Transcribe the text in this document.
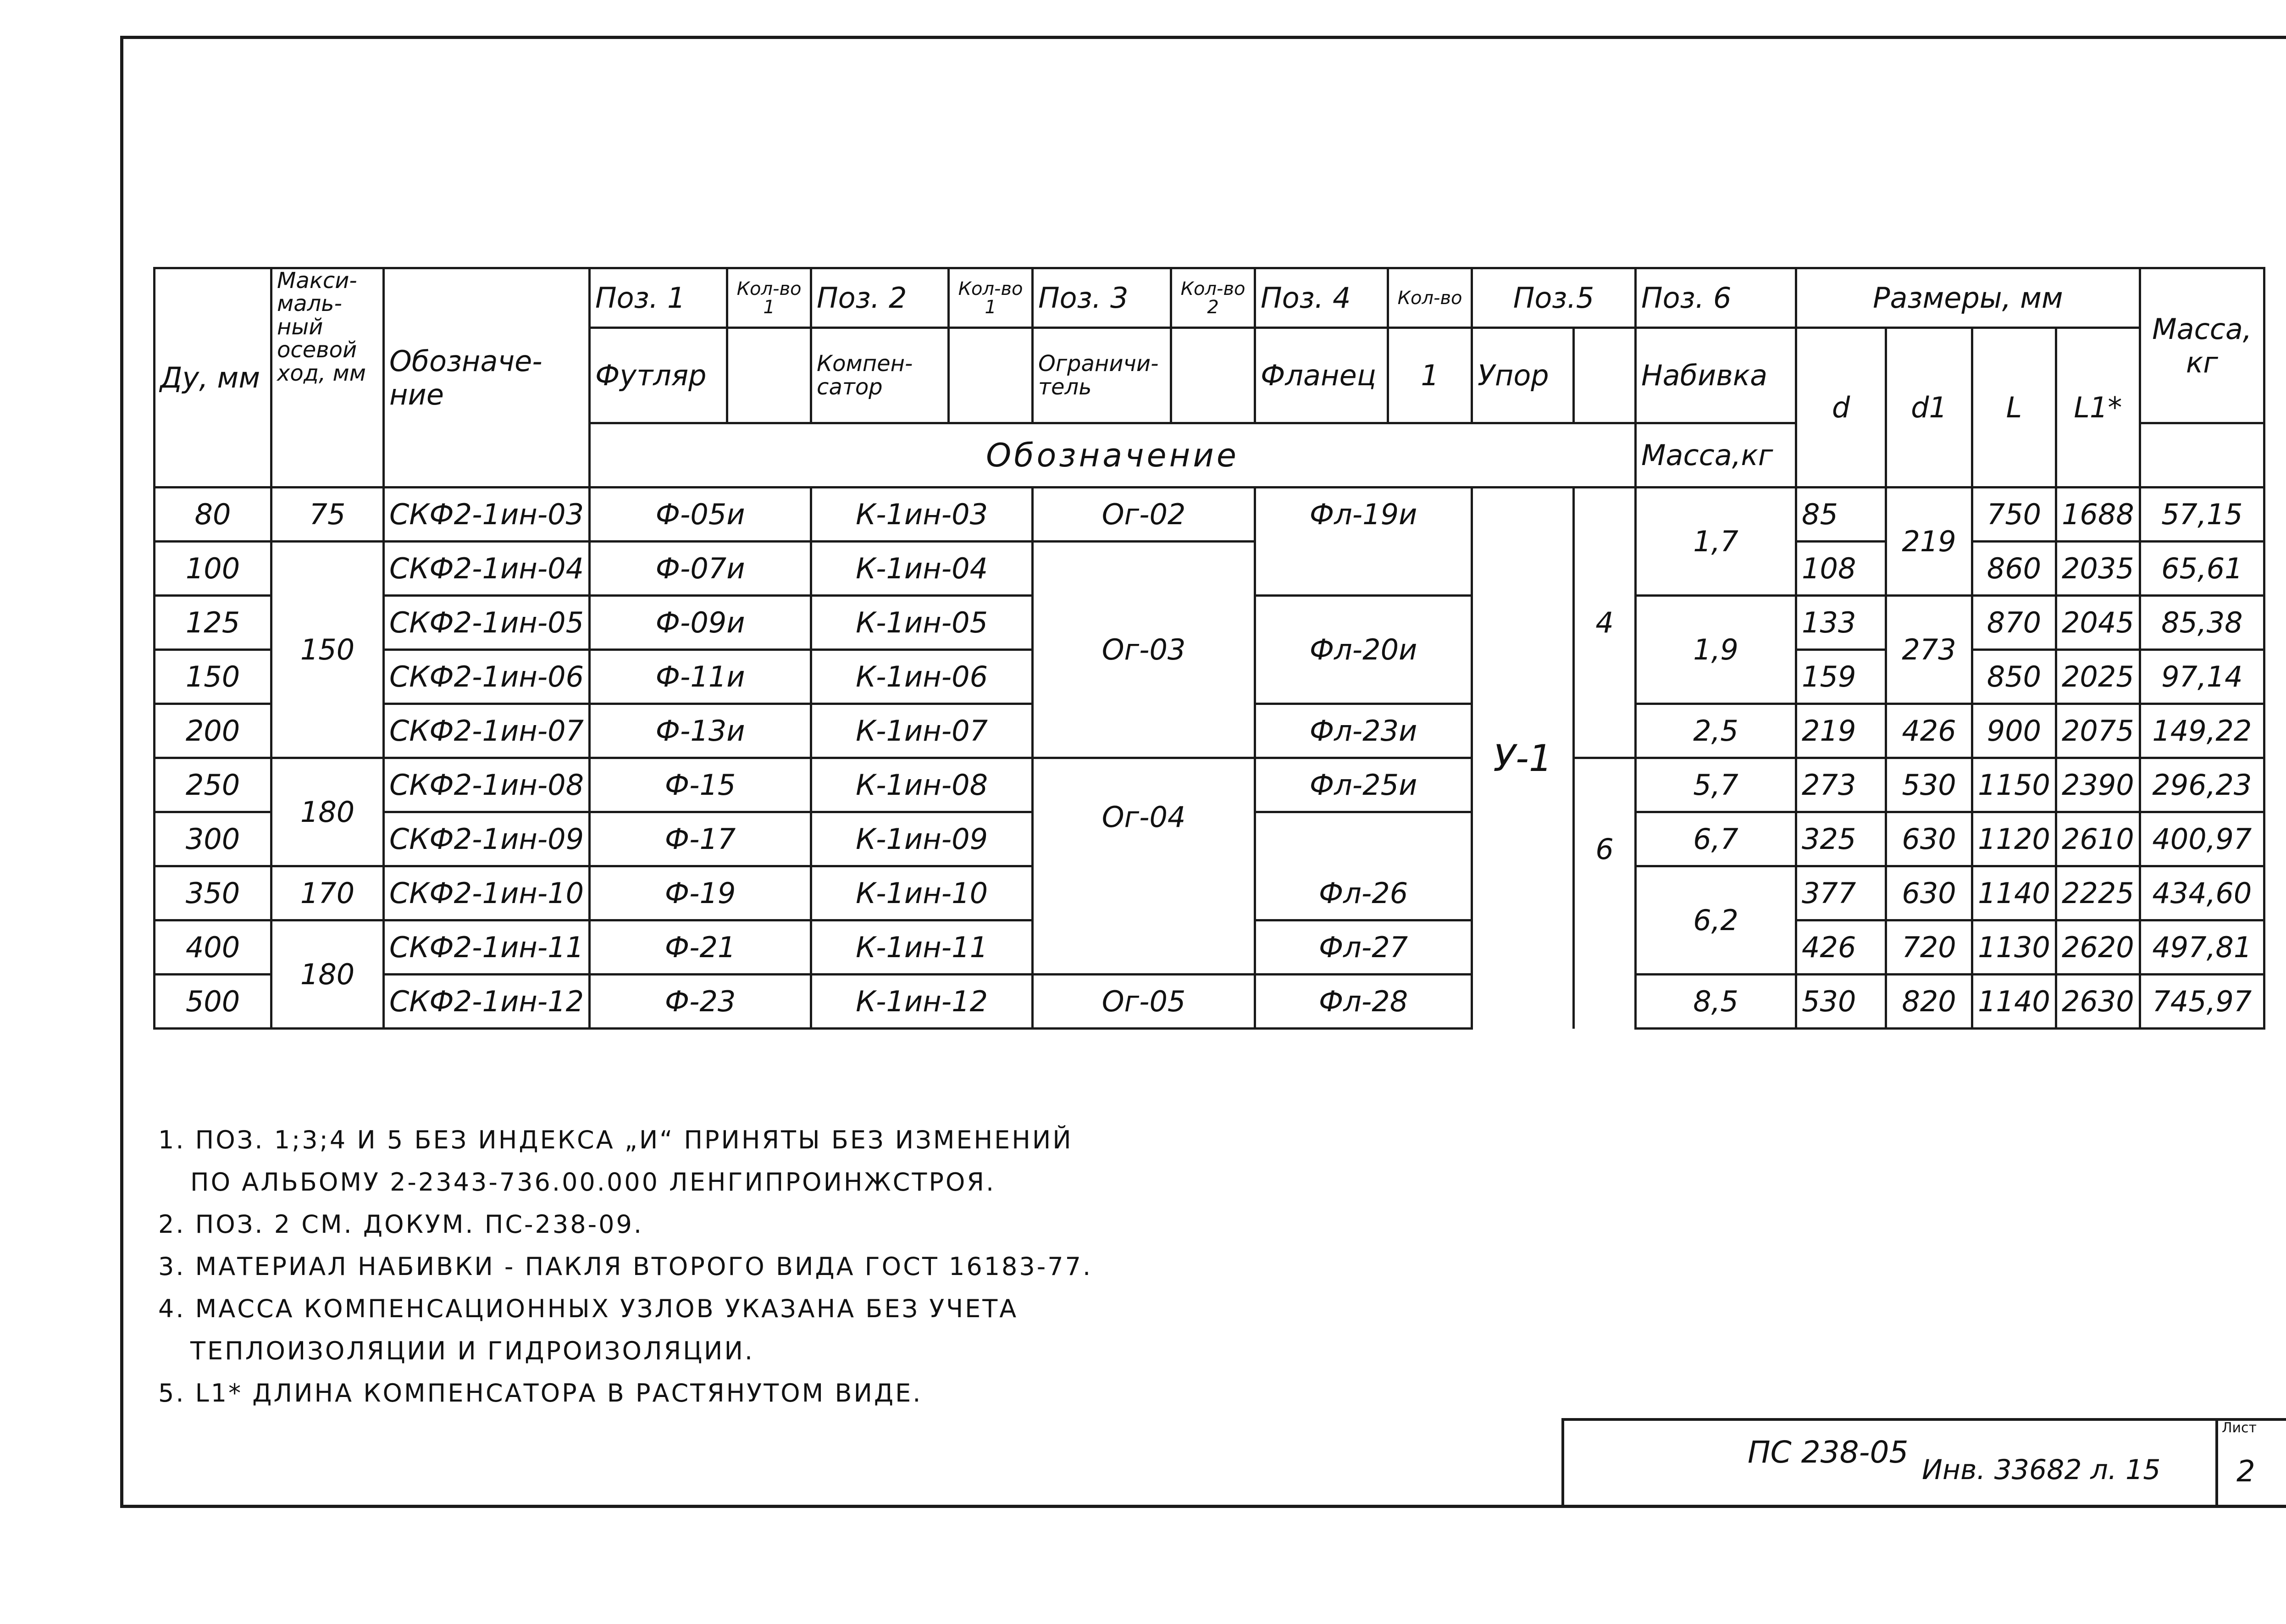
Ду, мм	Макси-маль-ный осевой ход, мм	Обозначе-ние	Поз. 1	Кол-во 1	Поз. 2	Кол-во 1	Поз. 3	Кол-во 2	Поз. 4	Кол-во	Поз.5		Поз. 6	Размеры, мм				Масса, кг
			Футляр		Компен-сатор		Ограничи-тель		Фланец	1	Упор		Набивка	d	d1	L	L1*	
			Обозначение										Масса,кг					
80	75	СКФ2-1ин-03	Ф-05и		К-1ин-03		Ог-02		Фл-19и		У-1	4	1,7	85	219	750	1688	57,15
100	150	СКФ2-1ин-04	Ф-07и		К-1ин-04		Ог-03							108		860	2035	65,61
125		СКФ2-1ин-05	Ф-09и		К-1ин-05				Фл-20и				1,9	133	273	870	2045	85,38
150		СКФ2-1ин-06	Ф-11и		К-1ин-06									159		850	2025	97,14
200		СКФ2-1ин-07	Ф-13и		К-1ин-07				Фл-23и				2,5	219	426	900	2075	149,22
250	180	СКФ2-1ин-08	Ф-15		К-1ин-08		Ог-04		Фл-25и			6	5,7	273	530	1150	2390	296,23
300		СКФ2-1ин-09	Ф-17		К-1ин-09				Фл-26				6,7	325	630	1120	2610	400,97
350	170	СКФ2-1ин-10	Ф-19		К-1ин-10								6,2	377	630	1140	2225	434,60
400	180	СКФ2-1ин-11	Ф-21		К-1ин-11				Фл-27					426	720	1130	2620	497,81
500		СКФ2-1ин-12	Ф-23		К-1ин-12		Ог-05		Фл-28				8,5	530	820	1140	2630	745,97
1. ПОЗ. 1;3;4 И 5 БЕЗ ИНДЕКСА „И“ ПРИНЯТЫ БЕЗ ИЗМЕНЕНИЙ
ПО АЛЬБОМУ 2-2343-736.00.000 ЛЕНГИПРОИНЖСТРОЯ.
2. ПОЗ. 2 СМ. ДОКУМ. ПС-238-09.
3. МАТЕРИАЛ НАБИВКИ - ПАКЛЯ ВТОРОГО ВИДА ГОСТ 16183-77.
4. МАССА КОМПЕНСАЦИОННЫХ УЗЛОВ УКАЗАНА БЕЗ УЧЕТА
ТЕПЛОИЗОЛЯЦИИ И ГИДРОИЗОЛЯЦИИ.
5. L1* ДЛИНА КОМПЕНСАТОРА В РАСТЯНУТОМ ВИДЕ.
ПС 238-05 Инв. 33682 л. 15
Лист
2
